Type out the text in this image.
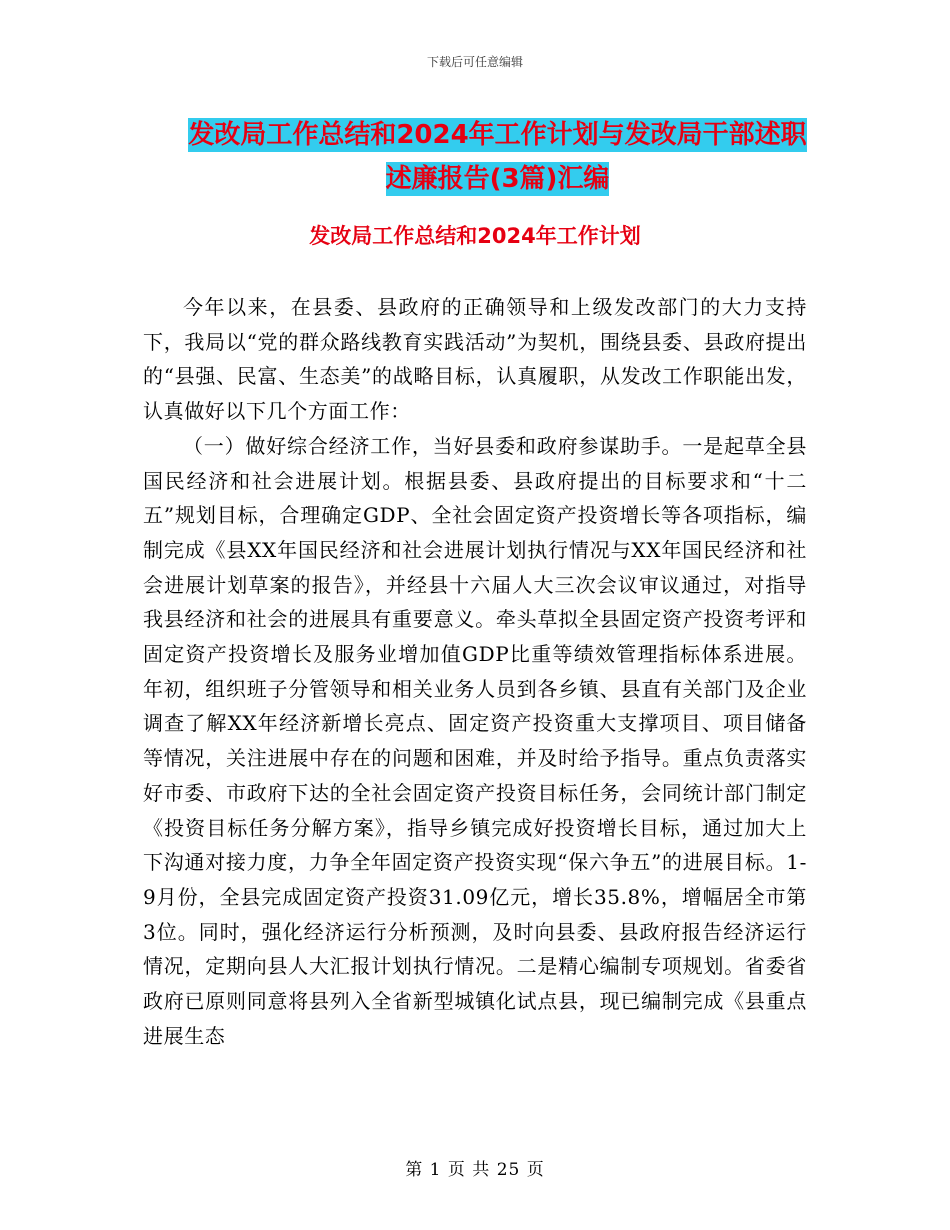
下载后可任意编辑
发改局工作总结和2024年工作计划与发改局干部述职
述廉报告(3篇)汇编
发改局工作总结和2024年工作计划

今年以来，在县委、县政府的正确领导和上级发改部门的大力支持下，我局以“党的群众路线教育实践活动”为契机，围绕县委、县政府提出的“县强、民富、生态美”的战略目标，认真履职，从发改工作职能出发，认真做好以下几个方面工作：

（一）做好综合经济工作，当好县委和政府参谋助手。一是起草全县国民经济和社会进展计划。根据县委、县政府提出的目标要求和“十二五”规划目标，合理确定GDP、全社会固定资产投资增长等各项指标，编制完成《县XX年国民经济和社会进展计划执行情况与XX年国民经济和社会进展计划草案的报告》，并经县十六届人大三次会议审议通过，对指导我县经济和社会的进展具有重要意义。牵头草拟全县固定资产投资考评和固定资产投资增长及服务业增加值GDP比重等绩效管理指标体系进展。年初，组织班子分管领导和相关业务人员到各乡镇、县直有关部门及企业调查了解XX年经济新增长亮点、固定资产投资重大支撑项目、项目储备等情况，关注进展中存在的问题和困难，并及时给予指导。重点负责落实好市委、市政府下达的全社会固定资产投资目标任务，会同统计部门制定《投资目标任务分解方案》，指导乡镇完成好投资增长目标，通过加大上下沟通对接力度，力争全年固定资产投资实现“保六争五”的进展目标。1-9月份，全县完成固定资产投资31.09亿元，增长35.8%，增幅居全市第3位。同时，强化经济运行分析预测，及时向县委、县政府报告经济运行情况，定期向县人大汇报计划执行情况。二是精心编制专项规划。省委省政府已原则同意将县列入全省新型城镇化试点县，现已编制完成《县重点进展生态

第 1 页 共 25 页
